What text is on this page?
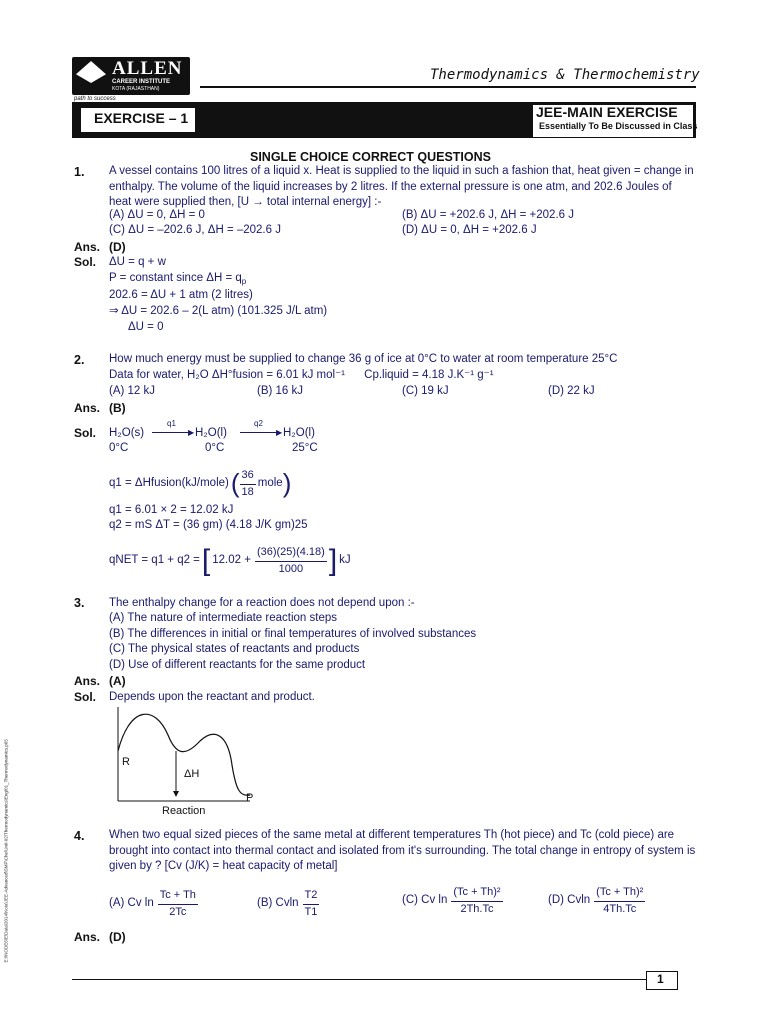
ALLEN
CAREER INSTITUTE
KOTA (RAJASTHAN)
path to success
Thermodynamics & Thermochemistry
EXERCISE – 1	JEE-MAIN EXERCISE
Essentially To Be Discussed in Class
SINGLE CHOICE CORRECT QUESTIONS
1. A vessel contains 100 litres of a liquid x. Heat is supplied to the liquid in such a fashion that, heat given = change in enthalpy. The volume of the liquid increases by 2 litres. If the external pressure is one atm, and 202.6 Joules of heat were supplied then, [U → total internal energy] :-
(A) ΔU = 0, ΔH = 0	(B) ΔU = +202.6 J, ΔH = +202.6 J
(C) ΔU = –202.6 J, ΔH = –202.6 J	(D) ΔU = 0, ΔH = +202.6 J
Ans. (D)
Sol. ΔU = q + w
P = constant since $\Delta H = q_p$
202.6 = ΔU + 1 atm (2 litres)
⇒ ΔU = 202.6 – 2(L atm) (101.325 J/L atm)
ΔU = 0
2. How much energy must be supplied to change 36 g of ice at 0°C to water at room temperature 25°C
Data for water, H₂O ΔH°fusion = 6.01 kJ mol⁻¹      Cp.liquid = 4.18 J.K⁻¹ g⁻¹
(A) 12 kJ	(B) 16 kJ	(C) 19 kJ	(D) 22 kJ
Ans. (B)
Sol. H₂O(s)	▶
q1
H₂O(l)	▶
q2
H₂O(l)
0°C	0°C	25°C
q1 = ΔHfusion(kJ/mole) ( $\frac{36}{18}$ mole )
q1 = 6.01 × 2 = 12.02 kJ
q2 = mS ΔT = (36 gm) (4.18 J/K gm)25
qNET = q1 + q2 = [ $12.02 + \frac{(36)(25)(4.18)}{1000}$ ] kJ
3. The enthalpy change for a reaction does not depend upon :-
(A) The nature of intermediate reaction steps
(B) The differences in initial or final temperatures of involved substances
(C) The physical states of reactants and products
(D) Use of different reactants for the same product
Ans. (A)
Sol. Depends upon the reactant and product.
R
P
ΔH
Reaction
4. When two equal sized pieces of the same metal at different temperatures Th (hot piece) and Tc (cold piece) are brought into contact into thermal contact and isolated from it's surrounding. The total change in entropy of system is given by ? [Cv (J/K) = heat capacity of metal]
(A) Cv $\ln \frac{Tc + Th}{2Tc}$	(B) Cvln $\frac{T2}{T1}$	(C) Cv $\ln \frac{\text{(Tc + Th)²}}{2Th.Tc}$	(D) Cvln $\frac{\text{(Tc + Th)²}}{4Th.Tc}$
Ans. (D)
E:\\NODE6\E\Data\2014\Kota\JEE-Advanced\SMP\Che\Unit-02\Thermodynamics\Eng\01_Thermodynamics.p65
1
